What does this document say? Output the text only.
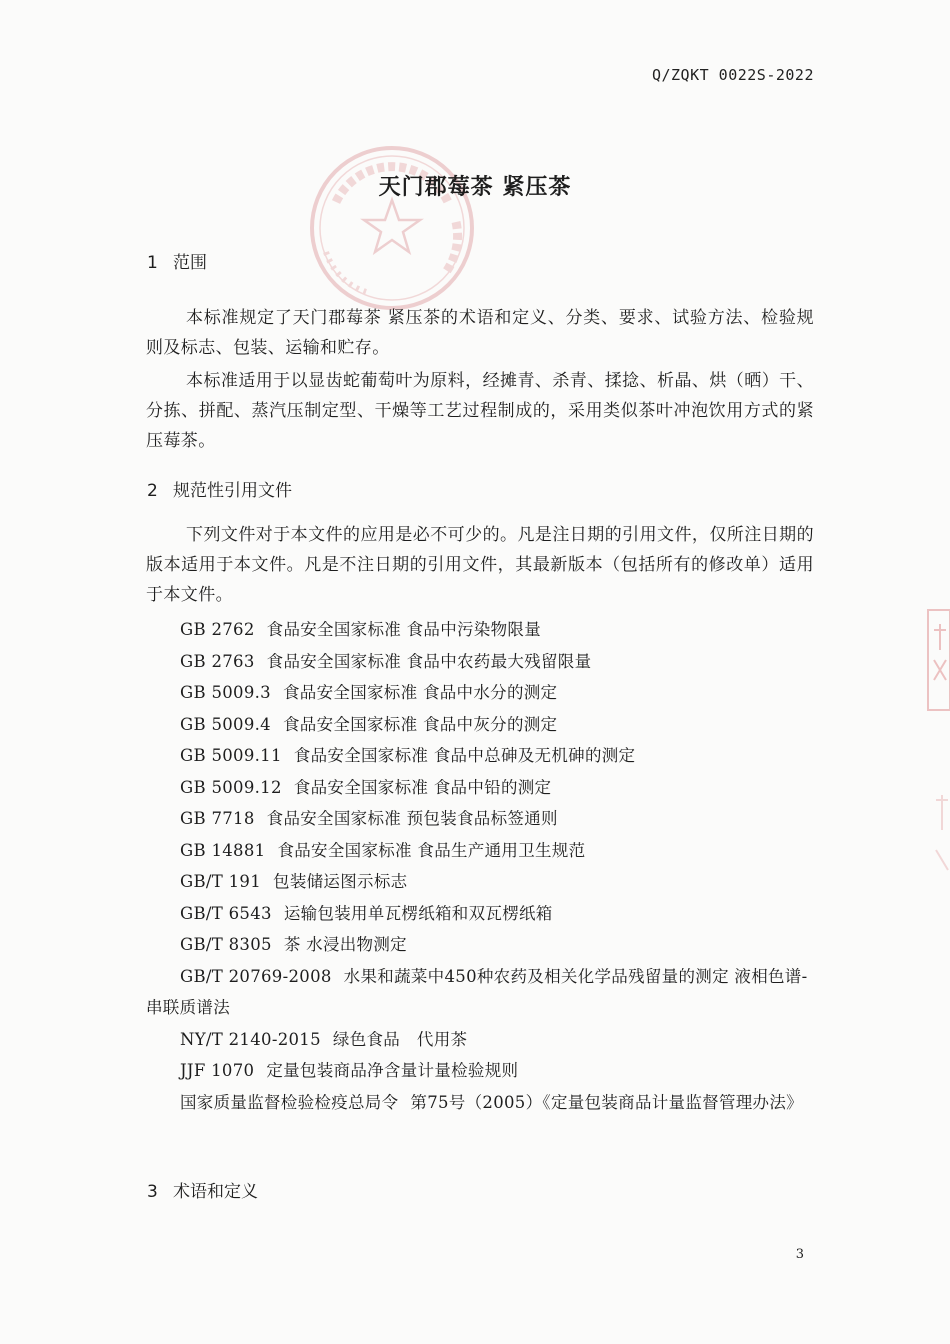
Q/ZQKT 0022S-2022
天门郡莓茶 紧压茶
1 范围
本标准规定了天门郡莓茶 紧压茶的术语和定义、分类、要求、试验方法、检验规则及标志、包装、运输和贮存。
本标准适用于以显齿蛇葡萄叶为原料，经摊青、杀青、揉捻、析晶、烘（晒）干、分拣、拼配、蒸汽压制定型、干燥等工艺过程制成的，采用类似茶叶冲泡饮用方式的紧压莓茶。
2 规范性引用文件
下列文件对于本文件的应用是必不可少的。凡是注日期的引用文件，仅所注日期的版本适用于本文件。凡是不注日期的引用文件，其最新版本（包括所有的修改单）适用于本文件。
GB 2762 食品安全国家标准 食品中污染物限量
GB 2763 食品安全国家标准 食品中农药最大残留限量
GB 5009.3 食品安全国家标准 食品中水分的测定
GB 5009.4 食品安全国家标准 食品中灰分的测定
GB 5009.11 食品安全国家标准 食品中总砷及无机砷的测定
GB 5009.12 食品安全国家标准 食品中铅的测定
GB 7718 食品安全国家标准 预包装食品标签通则
GB 14881 食品安全国家标准 食品生产通用卫生规范
GB/T 191 包装储运图示标志
GB/T 6543 运输包装用单瓦楞纸箱和双瓦楞纸箱
GB/T 8305 茶 水浸出物测定
GB/T 20769-2008 水果和蔬菜中450种农药及相关化学品残留量的测定 液相色谱-串联质谱法
NY/T 2140-2015 绿色食品　代用茶
JJF 1070 定量包装商品净含量计量检验规则
国家质量监督检验检疫总局令 第75号（2005）《定量包装商品计量监督管理办法》
3 术语和定义
3
